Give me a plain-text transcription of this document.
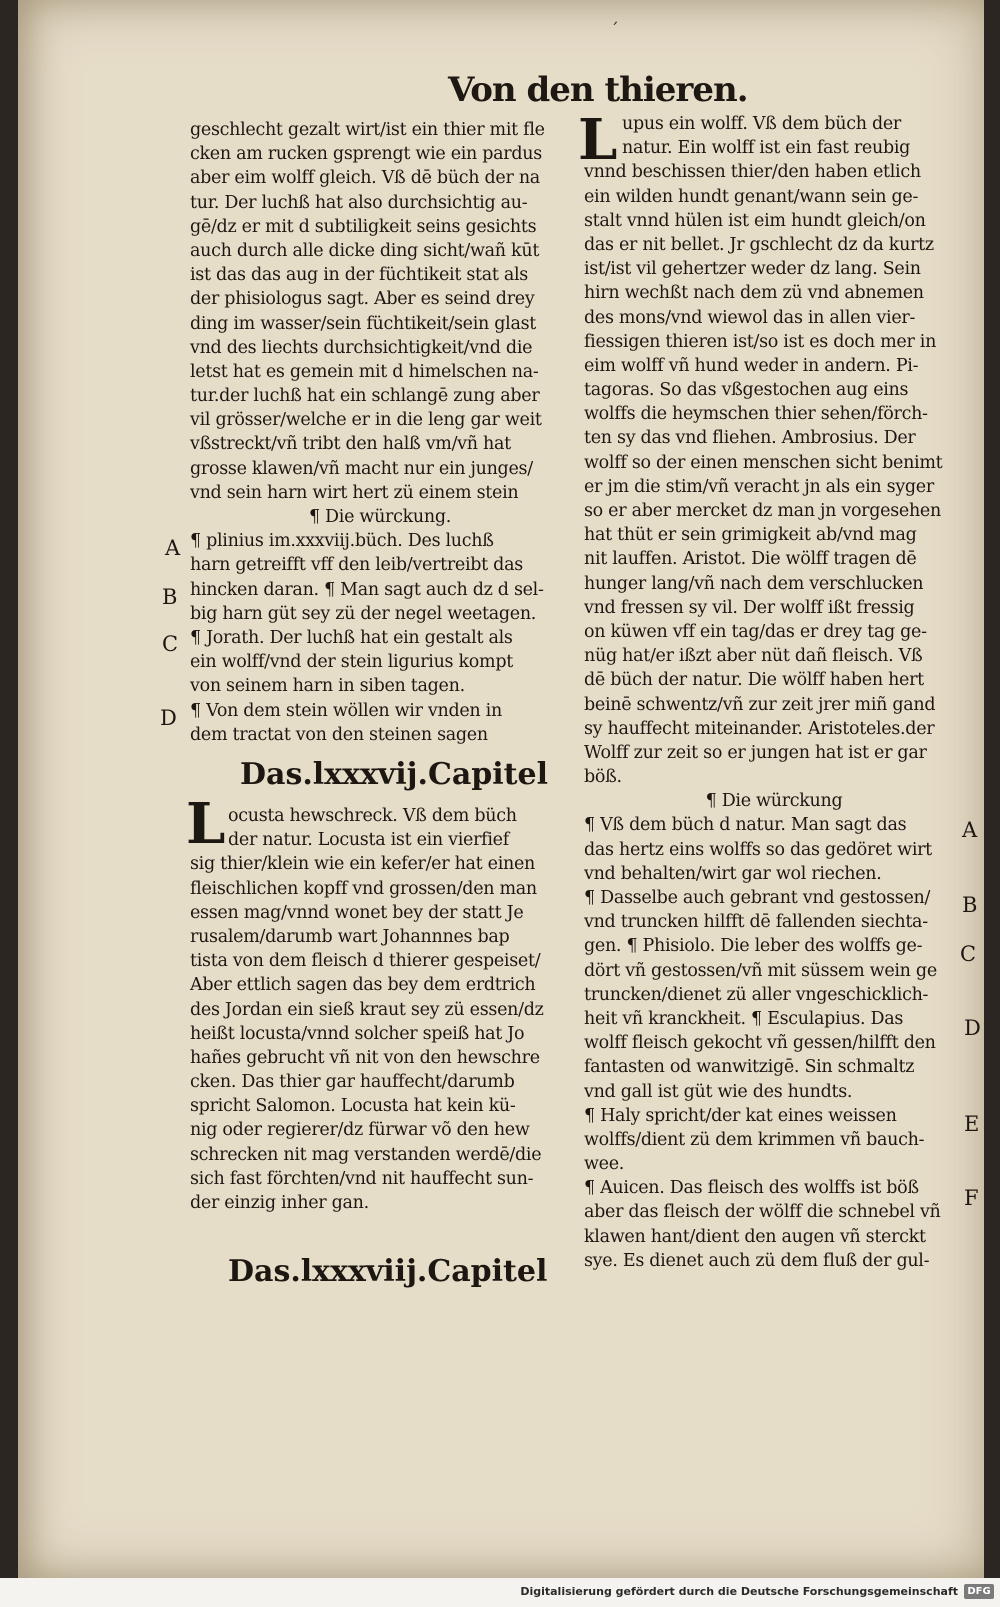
ˊ
Von den thieren.
geschlecht gezalt wirt/ist ein thier mit fle
cken am rucken gsprengt wie ein pardus
aber eim wolff gleich. Vß dē büch der na
tur. Der luchß hat also durchsichtig au-
gē/dz er mit d subtiligkeit seins gesichts
auch durch alle dicke ding sicht/wañ kūt
ist das das aug in der füchtikeit stat als
der phisiologus sagt. Aber es seind drey
ding im wasser/sein füchtikeit/sein glast
vnd des liechts durchsichtigkeit/vnd die
letst hat es gemein mit d himelschen na-
tur.der luchß hat ein schlangē zung aber
vil grösser/welche er in die leng gar weit
vßstreckt/vñ tribt den halß vm/vñ hat
grosse klawen/vñ macht nur ein junges/
vnd sein harn wirt hert zü einem stein
¶ Die würckung.
¶ plinius im.xxxviij.büch. Des luchß
harn getreifft vff den leib/vertreibt das
hincken daran. ¶ Man sagt auch dz d sel-
big harn güt sey zü der negel weetagen.
¶ Jorath. Der luchß hat ein gestalt als
ein wolff/vnd der stein ligurius kompt
von seinem harn in siben tagen.
¶ Von dem stein wöllen wir vnden in
dem tractat von den steinen sagen
A
B
C
D
Das.lxxxvij.Capitel
L ocusta hewschreck. Vß dem büch
der natur. Locusta ist ein vierfief
sig thier/klein wie ein kefer/er hat einen
fleischlichen kopff vnd grossen/den man
essen mag/vnnd wonet bey der statt Je
rusalem/darumb wart Johannnes bap
tista von dem fleisch d thierer gespeiset/
Aber ettlich sagen das bey dem erdtrich
des Jordan ein sieß kraut sey zü essen/dz
heißt locusta/vnnd solcher speiß hat Jo
hañes gebrucht vñ nit von den hewschre
cken. Das thier gar hauffecht/darumb
spricht Salomon. Locusta hat kein kü-
nig oder regierer/dz fürwar võ den hew
schrecken nit mag verstanden werdē/die
sich fast förchten/vnd nit hauffecht sun-
der einzig inher gan.
Das.lxxxviij.Capitel
L upus ein wolff. Vß dem büch der
natur. Ein wolff ist ein fast reubig
vnnd beschissen thier/den haben etlich
ein wilden hundt genant/wann sein ge-
stalt vnnd hülen ist eim hundt gleich/on
das er nit bellet. Jr gschlecht dz da kurtz
ist/ist vil gehertzer weder dz lang. Sein
hirn wechßt nach dem zü vnd abnemen
des mons/vnd wiewol das in allen vier-
fiessigen thieren ist/so ist es doch mer in
eim wolff vñ hund weder in andern. Pi-
tagoras. So das vßgestochen aug eins
wolffs die heymschen thier sehen/förch-
ten sy das vnd fliehen. Ambrosius. Der
wolff so der einen menschen sicht benimt
er jm die stim/vñ veracht jn als ein syger
so er aber mercket dz man jn vorgesehen
hat thüt er sein grimigkeit ab/vnd mag
nit lauffen. Aristot. Die wölff tragen dē
hunger lang/vñ nach dem verschlucken
vnd fressen sy vil. Der wolff ißt fressig
on küwen vff ein tag/das er drey tag ge-
nüg hat/er ißzt aber nüt dañ fleisch. Vß
dē büch der natur. Die wölff haben hert
beinē schwentz/vñ zur zeit jrer miñ gand
sy hauffecht miteinander. Aristoteles.der
Wolff zur zeit so er jungen hat ist er gar
böß.
¶ Die würckung
¶ Vß dem büch d natur. Man sagt das
das hertz eins wolffs so das gedöret wirt
vnd behalten/wirt gar wol riechen.
¶ Dasselbe auch gebrant vnd gestossen/
vnd truncken hilfft dē fallenden siechta-
gen. ¶ Phisiolo. Die leber des wolffs ge-
dört vñ gestossen/vñ mit süssem wein ge
truncken/dienet zü aller vngeschicklich-
heit vñ kranckheit. ¶ Esculapius. Das
wolff fleisch gekocht vñ gessen/hilfft den
fantasten od wanwitzigē. Sin schmaltz
vnd gall ist güt wie des hundts.
¶ Haly spricht/der kat eines weissen
wolffs/dient zü dem krimmen vñ bauch-
wee.
¶ Auicen. Das fleisch des wolffs ist böß
aber das fleisch der wölff die schnebel vñ
klawen hant/dient den augen vñ sterckt
sye. Es dienet auch zü dem fluß der gul-
A
B
C
D
E
F
Digitalisierung gefördert durch die Deutsche Forschungsgemeinschaft DFG
